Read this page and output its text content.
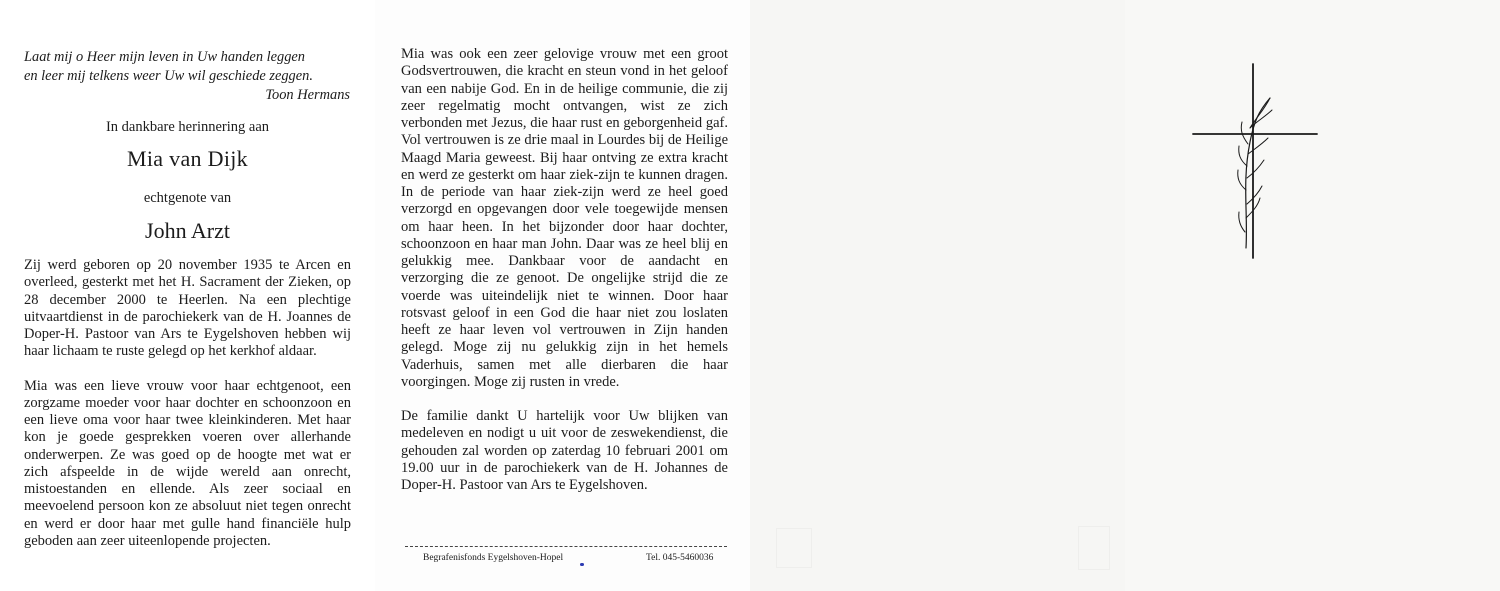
Laat mij o Heer mijn leven in Uw handen leggen
en leer mij telkens weer Uw wil geschiede zeggen.
Toon Hermans
In dankbare herinnering aan
Mia van Dijk
echtgenote van
John Arzt

Zij werd geboren op 20 november 1935 te Arcen en overleed, gesterkt met het H. Sacrament der Zieken, op 28 december 2000 te Heerlen. Na een plechtige uitvaartdienst in de parochiekerk van de H. Joannes de Doper-H. Pastoor van Ars te Eygelshoven hebben wij haar lichaam te ruste gelegd op het kerkhof aldaar.

Mia was een lieve vrouw voor haar echtgenoot, een zorgzame moeder voor haar dochter en schoonzoon en een lieve oma voor haar twee kleinkinderen. Met haar kon je goede gesprekken voeren over allerhande onderwerpen. Ze was goed op de hoogte met wat er zich afspeelde in de wijde wereld aan onrecht, mistoestanden en ellende. Als zeer sociaal en meevoelend persoon kon ze absoluut niet tegen onrecht en werd er door haar met gulle hand financiële hulp geboden aan zeer uiteenlopende projecten.

Mia was ook een zeer gelovige vrouw met een groot Godsvertrouwen, die kracht en steun vond in het geloof van een nabije God. En in de heilige communie, die zij zeer regelmatig mocht ontvangen, wist ze zich verbonden met Jezus, die haar rust en geborgenheid gaf. Vol vertrouwen is ze drie maal in Lourdes bij de Heilige Maagd Maria geweest. Bij haar ontving ze extra kracht en werd ze gesterkt om haar ziek-zijn te kunnen dragen. In de periode van haar ziek-zijn werd ze heel goed verzorgd en opgevangen door vele toegewijde mensen om haar heen. In het bijzonder door haar dochter, schoonzoon en haar man John. Daar was ze heel blij en gelukkig mee. Dankbaar voor de aandacht en verzorging die ze genoot. De ongelijke strijd die ze voerde was uiteindelijk niet te winnen. Door haar rotsvast geloof in een God die haar niet zou loslaten heeft ze haar leven vol vertrouwen in Zijn handen gelegd. Moge zij nu gelukkig zijn in het hemels Vaderhuis, samen met alle dierbaren die haar voorgingen. Moge zij rusten in vrede.

De familie dankt U hartelijk voor Uw blijken van medeleven en nodigt u uit voor de zeswekendienst, die gehouden zal worden op zaterdag 10 februari 2001 om 19.00 uur in de parochiekerk van de H. Johannes de Doper-H. Pastoor van Ars te Eygelshoven.

Begrafenisfonds Eygelshoven-Hopel	Tel. 045-5460036
